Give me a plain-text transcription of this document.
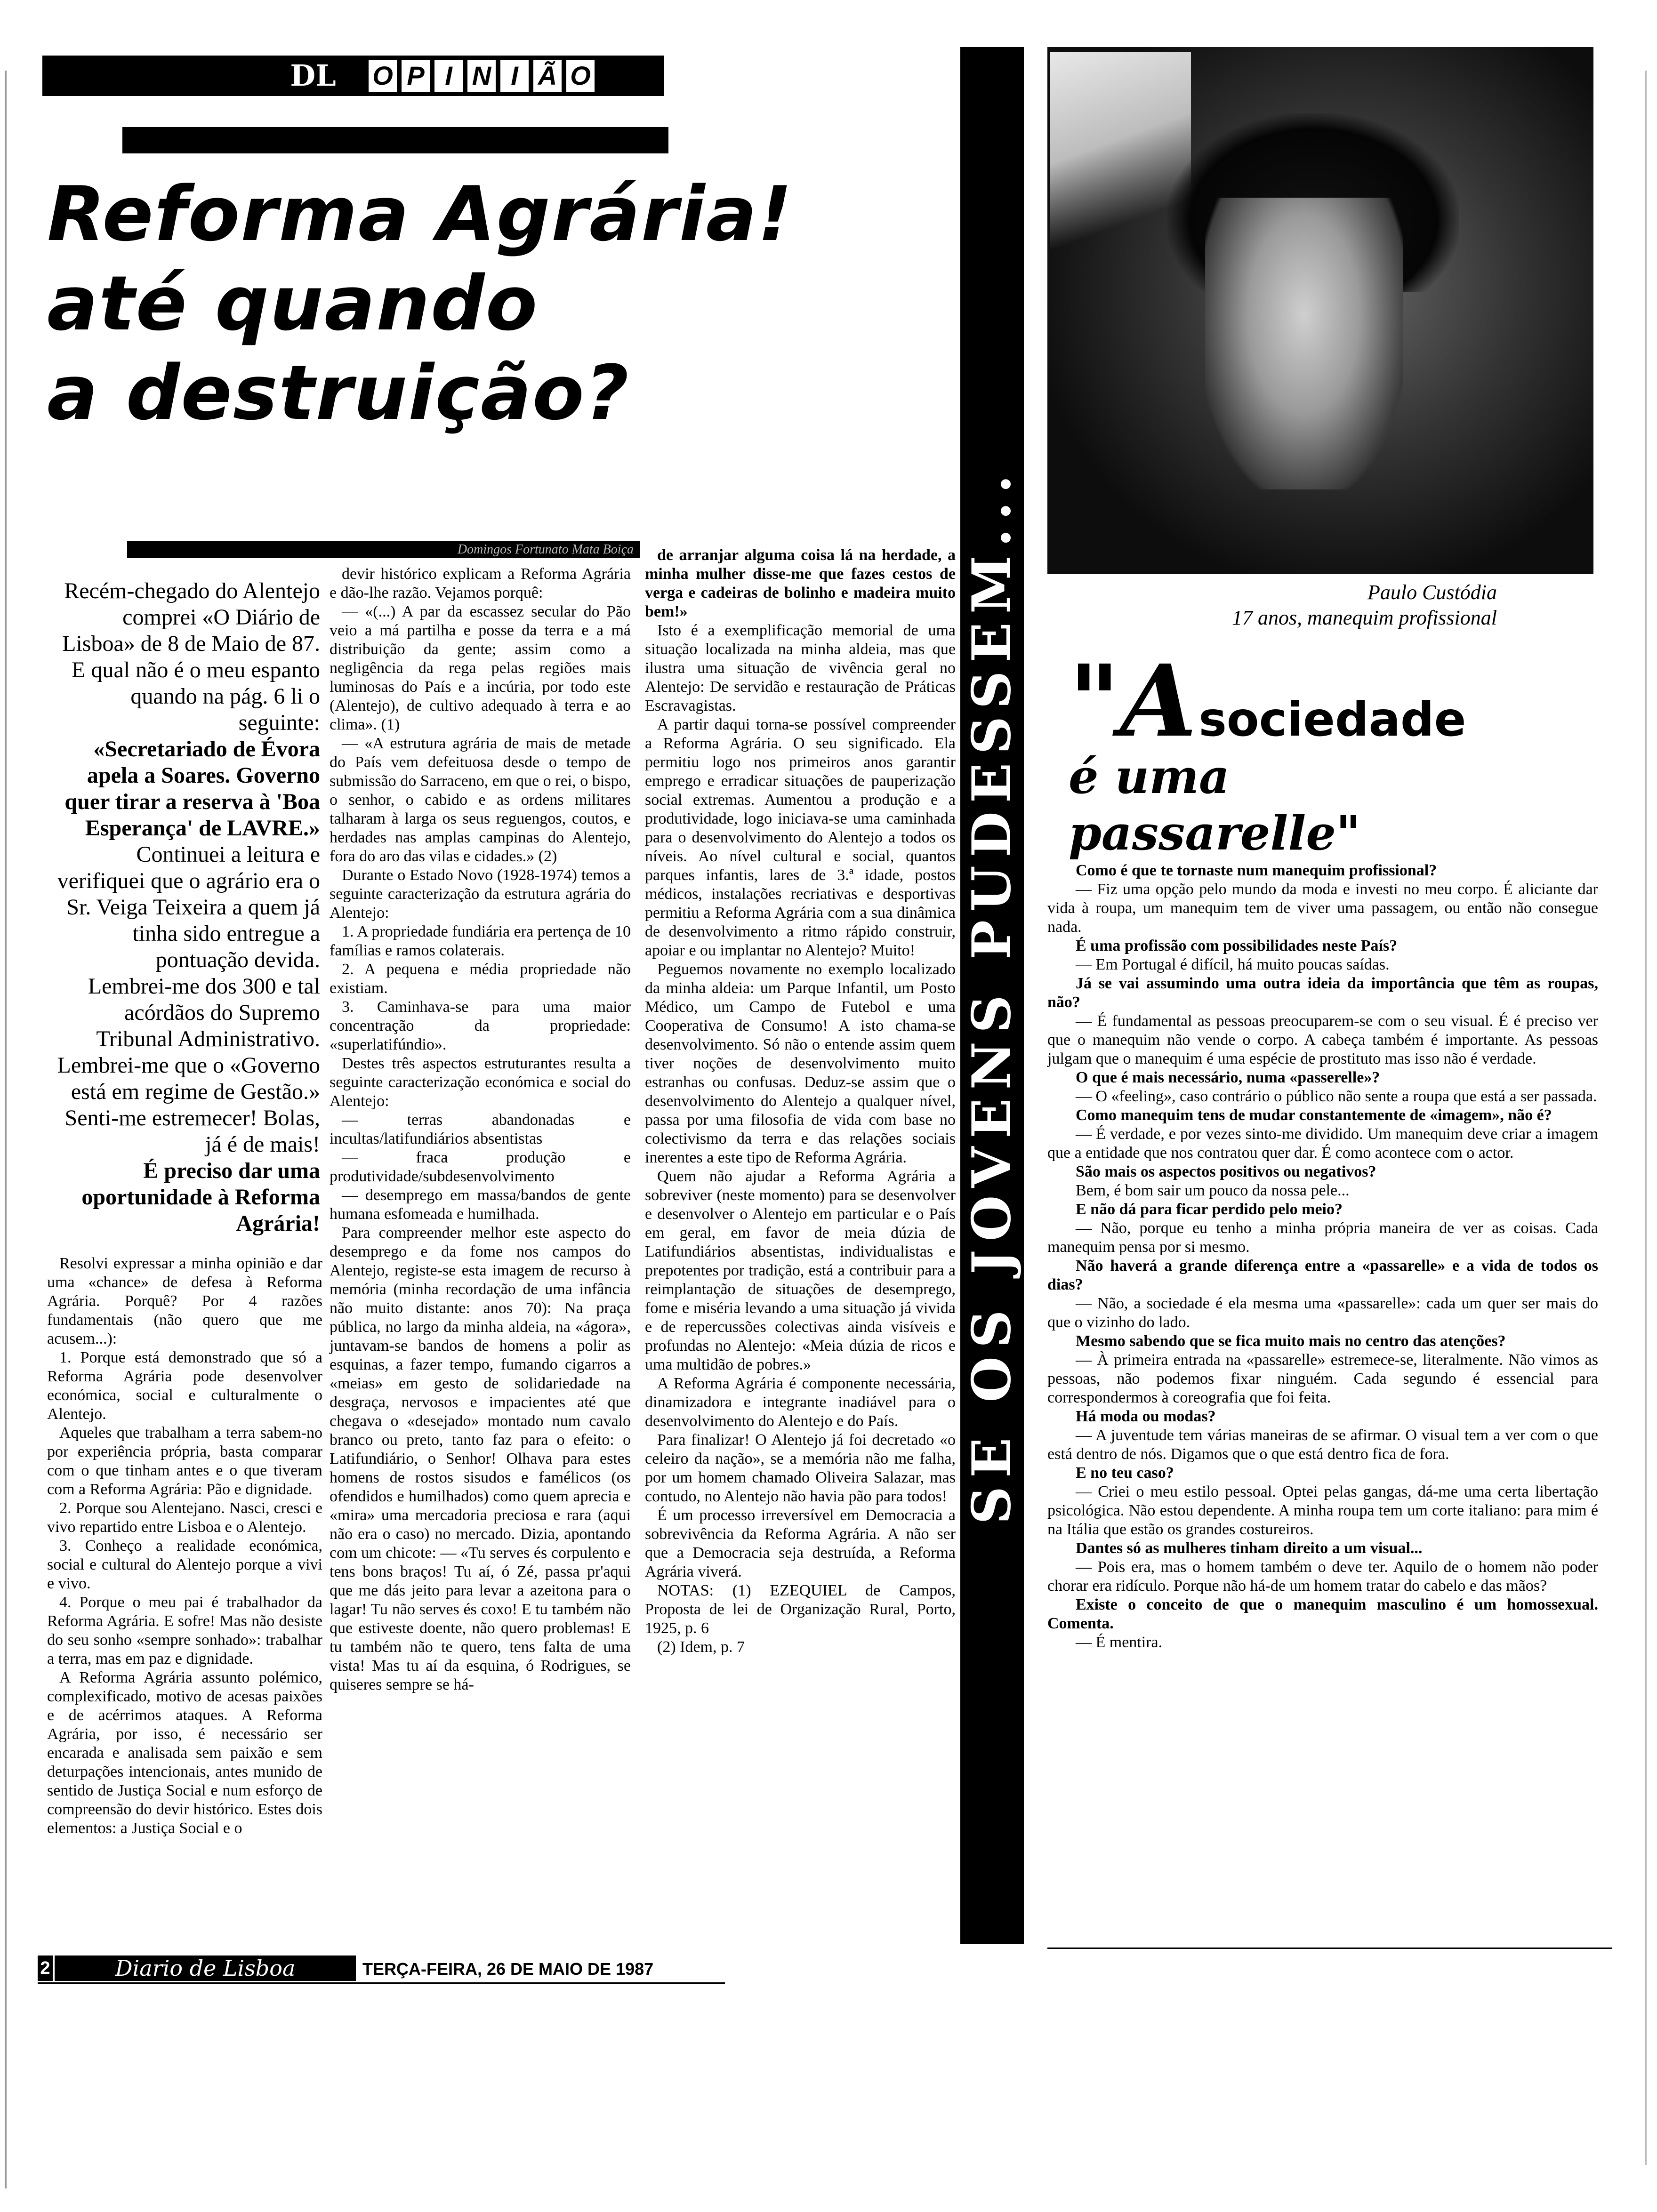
DL	O P I N I Ã O
Reforma Agrária!
até quando
a destruição?
Domingos Fortunato Mata Boiça

Recém-chegado do Alentejo comprei «O Diário de Lisboa» de 8 de Maio de 87. E qual não é o meu espanto quando na pág. 6 li o seguinte:

«Secretariado de Évora apela a Soares. Governo quer tirar a reserva à 'Boa Esperança' de LAVRE.»

Continuei a leitura e verifiquei que o agrário era o Sr. Veiga Teixeira a quem já tinha sido entregue a pontuação devida.

Lembrei-me dos 300 e tal acórdãos do Supremo Tribunal Administrativo.

Lembrei-me que o «Governo está em regime de Gestão.»

Senti-me estremecer! Bolas, já é de mais!

É preciso dar uma oportunidade à Reforma Agrária!

Resolvi expressar a minha opinião e dar uma «chance» de defesa à Reforma Agrária. Porquê? Por 4 razões fundamentais (não quero que me acusem...):

1. Porque está demonstrado que só a Reforma Agrária pode desenvolver económica, social e culturalmente o Alentejo.

Aqueles que trabalham a terra sabem-no por experiência própria, basta comparar com o que tinham antes e o que tiveram com a Reforma Agrária: Pão e dignidade.

2. Porque sou Alentejano. Nasci, cresci e vivo repartido entre Lisboa e o Alentejo.

3. Conheço a realidade económica, social e cultural do Alentejo porque a vivi e vivo.

4. Porque o meu pai é trabalhador da Reforma Agrária. E sofre! Mas não desiste do seu sonho «sempre sonhado»: trabalhar a terra, mas em paz e dignidade.

A Reforma Agrária assunto polémico, complexificado, motivo de acesas paixões e de acérrimos ataques. A Reforma Agrária, por isso, é necessário ser encarada e analisada sem paixão e sem deturpações intencionais, antes munido de sentido de Justiça Social e num esforço de compreensão do devir histórico. Estes dois elementos: a Justiça Social e o

devir histórico explicam a Reforma Agrária e dão-lhe razão. Vejamos porquê:

— «(...) A par da escassez secular do Pão veio a má partilha e posse da terra e a má distribuição da gente; assim como a negligência da rega pelas regiões mais luminosas do País e a incúria, por todo este (Alentejo), de cultivo adequado à terra e ao clima». (1)

— «A estrutura agrária de mais de metade do País vem defeituosa desde o tempo de submissão do Sarraceno, em que o rei, o bispo, o senhor, o cabido e as ordens militares talharam à larga os seus reguengos, coutos, e herdades nas amplas campinas do Alentejo, fora do aro das vilas e cidades.» (2)

Durante o Estado Novo (1928-1974) temos a seguinte caracterização da estrutura agrária do Alentejo:

1. A propriedade fundiária era pertença de 10 famílias e ramos colaterais.

2. A pequena e média propriedade não existiam.

3. Caminhava-se para uma maior concentração da propriedade: «superlatifúndio».

Destes três aspectos estruturantes resulta a seguinte caracterização económica e social do Alentejo:

— terras abandonadas e incultas/latifundiários absentistas

— fraca produção e produtividade/subdesenvolvimento

— desemprego em massa/bandos de gente humana esfomeada e humilhada.

Para compreender melhor este aspecto do desemprego e da fome nos campos do Alentejo, registe-se esta imagem de recurso à memória (minha recordação de uma infância não muito distante: anos 70): Na praça pública, no largo da minha aldeia, na «ágora», juntavam-se bandos de homens a polir as esquinas, a fazer tempo, fumando cigarros a «meias» em gesto de solidariedade na desgraça, nervosos e impacientes até que chegava o «desejado» montado num cavalo branco ou preto, tanto faz para o efeito: o Latifundiário, o Senhor! Olhava para estes homens de rostos sisudos e famélicos (os ofendidos e humilhados) como quem aprecia e «mira» uma mercadoria preciosa e rara (aqui não era o caso) no mercado. Dizia, apontando com um chicote: — «Tu serves és corpulento e tens bons braços! Tu aí, ó Zé, passa pr'aqui que me dás jeito para levar a azeitona para o lagar! Tu não serves és coxo! E tu também não que estiveste doente, não quero problemas! E tu também não te quero, tens falta de uma vista! Mas tu aí da esquina, ó Rodrigues, se quiseres sempre se há-

de arranjar alguma coisa lá na herdade, a minha mulher disse-me que fazes cestos de verga e cadeiras de bolinho e madeira muito bem!»

Isto é a exemplificação memorial de uma situação localizada na minha aldeia, mas que ilustra uma situação de vivência geral no Alentejo: De servidão e restauração de Práticas Escravagistas.

A partir daqui torna-se possível compreender a Reforma Agrária. O seu significado. Ela permitiu logo nos primeiros anos garantir emprego e erradicar situações de pauperização social extremas. Aumentou a produção e a produtividade, logo iniciava-se uma caminhada para o desenvolvimento do Alentejo a todos os níveis. Ao nível cultural e social, quantos parques infantis, lares de 3.ª idade, postos médicos, instalações recriativas e desportivas permitiu a Reforma Agrária com a sua dinâmica de desenvolvimento a ritmo rápido construir, apoiar e ou implantar no Alentejo? Muito!

Peguemos novamente no exemplo localizado da minha aldeia: um Parque Infantil, um Posto Médico, um Campo de Futebol e uma Cooperativa de Consumo! A isto chama-se desenvolvimento. Só não o entende assim quem tiver noções de desenvolvimento muito estranhas ou confusas. Deduz-se assim que o desenvolvimento do Alentejo a qualquer nível, passa por uma filosofia de vida com base no colectivismo da terra e das relações sociais inerentes a este tipo de Reforma Agrária.

Quem não ajudar a Reforma Agrária a sobreviver (neste momento) para se desenvolver e desenvolver o Alentejo em particular e o País em geral, em favor de meia dúzia de Latifundiários absentistas, individualistas e prepotentes por tradição, está a contribuir para a reimplantação de situações de desemprego, fome e miséria levando a uma situação já vivida e de repercussões colectivas ainda visíveis e profundas no Alentejo: «Meia dúzia de ricos e uma multidão de pobres.»

A Reforma Agrária é componente necessária, dinamizadora e integrante inadiável para o desenvolvimento do Alentejo e do País.

Para finalizar! O Alentejo já foi decretado «o celeiro da nação», se a memória não me falha, por um homem chamado Oliveira Salazar, mas contudo, no Alentejo não havia pão para todos!

É um processo irreversível em Democracia a sobrevivência da Reforma Agrária. A não ser que a Democracia seja destruída, a Reforma Agrária viverá.

NOTAS: (1) EZEQUIEL de Campos, Proposta de lei de Organização Rural, Porto, 1925, p. 6

(2) Idem, p. 7

SE OS JOVENS PUDESSEM...	Paulo Custódia
17 anos, manequim profissional
"A sociedade
é uma
passarelle"

Como é que te tornaste num manequim profissional?

— Fiz uma opção pelo mundo da moda e investi no meu corpo. É aliciante dar vida à roupa, um manequim tem de viver uma passagem, ou então não consegue nada.

É uma profissão com possibilidades neste País?

— Em Portugal é difícil, há muito poucas saídas.

Já se vai assumindo uma outra ideia da importância que têm as roupas, não?

— É fundamental as pessoas preocuparem-se com o seu visual. É é preciso ver que o manequim não vende o corpo. A cabeça também é importante. As pessoas julgam que o manequim é uma espécie de prostituto mas isso não é verdade.

O que é mais necessário, numa «passerelle»?

— O «feeling», caso contrário o público não sente a roupa que está a ser passada.

Como manequim tens de mudar constantemente de «imagem», não é?

— É verdade, e por vezes sinto-me dividido. Um manequim deve criar a imagem que a entidade que nos contratou quer dar. É como acontece com o actor.

São mais os aspectos positivos ou negativos?

Bem, é bom sair um pouco da nossa pele...

E não dá para ficar perdido pelo meio?

— Não, porque eu tenho a minha própria maneira de ver as coisas. Cada manequim pensa por si mesmo.

Não haverá a grande diferença entre a «passarelle» e a vida de todos os dias?

— Não, a sociedade é ela mesma uma «passarelle»: cada um quer ser mais do que o vizinho do lado.

Mesmo sabendo que se fica muito mais no centro das atenções?

— À primeira entrada na «passarelle» estremece-se, literalmente. Não vimos as pessoas, não podemos fixar ninguém. Cada segundo é essencial para correspondermos à coreografia que foi feita.

Há moda ou modas?

— A juventude tem várias maneiras de se afirmar. O visual tem a ver com o que está dentro de nós. Digamos que o que está dentro fica de fora.

E no teu caso?

— Criei o meu estilo pessoal. Optei pelas gangas, dá-me uma certa libertação psicológica. Não estou dependente. A minha roupa tem um corte italiano: para mim é na Itália que estão os grandes costureiros.

Dantes só as mulheres tinham direito a um visual...

— Pois era, mas o homem também o deve ter. Aquilo de o homem não poder chorar era ridículo. Porque não há-de um homem tratar do cabelo e das mãos?

Existe o conceito de que o manequim masculino é um homossexual. Comenta.

— É mentira.

2	Diario de Lisboa	TERÇA-FEIRA, 26 DE MAIO DE 1987
